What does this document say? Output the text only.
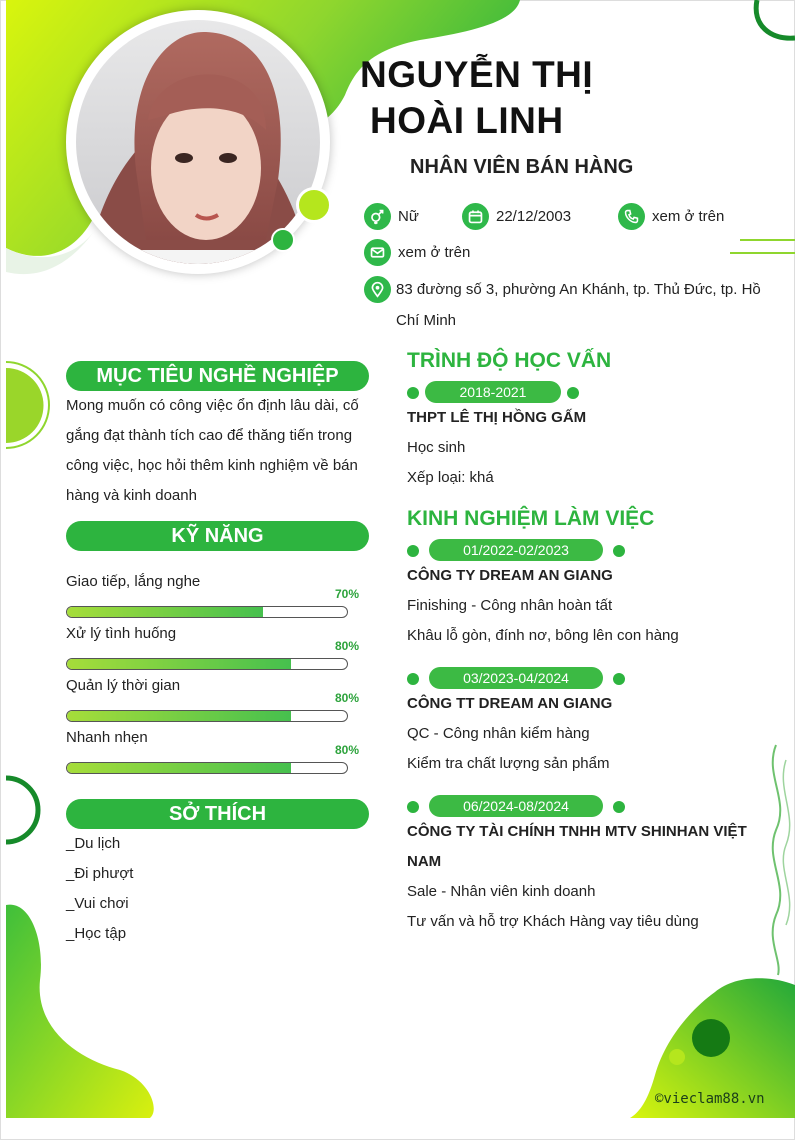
NGUYỄN THỊ
HOÀI LINH
NHÂN VIÊN BÁN HÀNG
Nữ	22/12/2003	xem ở trên
xem ở trên
83 đường số 3, phường An Khánh, tp. Thủ Đức, tp. Hồ Chí Minh
MỤC TIÊU NGHỀ NGHIỆP
Mong muốn có công việc ổn định lâu dài, cố gắng đạt thành tích cao để thăng tiến trong công việc, học hỏi thêm kinh nghiệm về bán hàng và kinh doanh
KỸ NĂNG
Giao tiếp, lắng nghe
70%
Xử lý tình huống
80%
Quản lý thời gian
80%
Nhanh nhẹn
80%
SỞ THÍCH
_Du lịch
_Đi phượt
_Vui chơi
_Học tập
TRÌNH ĐỘ HỌC VẤN
2018-2021
THPT LÊ THỊ HỒNG GẤM
Học sinh
Xếp loại: khá
KINH NGHIỆM LÀM VIỆC
01/2022-02/2023
CÔNG TY DREAM AN GIANG
Finishing - Công nhân hoàn tất
Khâu lỗ gòn, đính nơ, bông lên con hàng
03/2023-04/2024
CÔNG TT DREAM AN GIANG
QC - Công nhân kiểm hàng
Kiểm tra chất lượng sản phẩm
06/2024-08/2024
CÔNG TY TÀI CHÍNH TNHH MTV SHINHAN VIỆT
NAM
Sale - Nhân viên kinh doanh
Tư vấn và hỗ trợ Khách Hàng vay tiêu dùng
©vieclam88.vn
